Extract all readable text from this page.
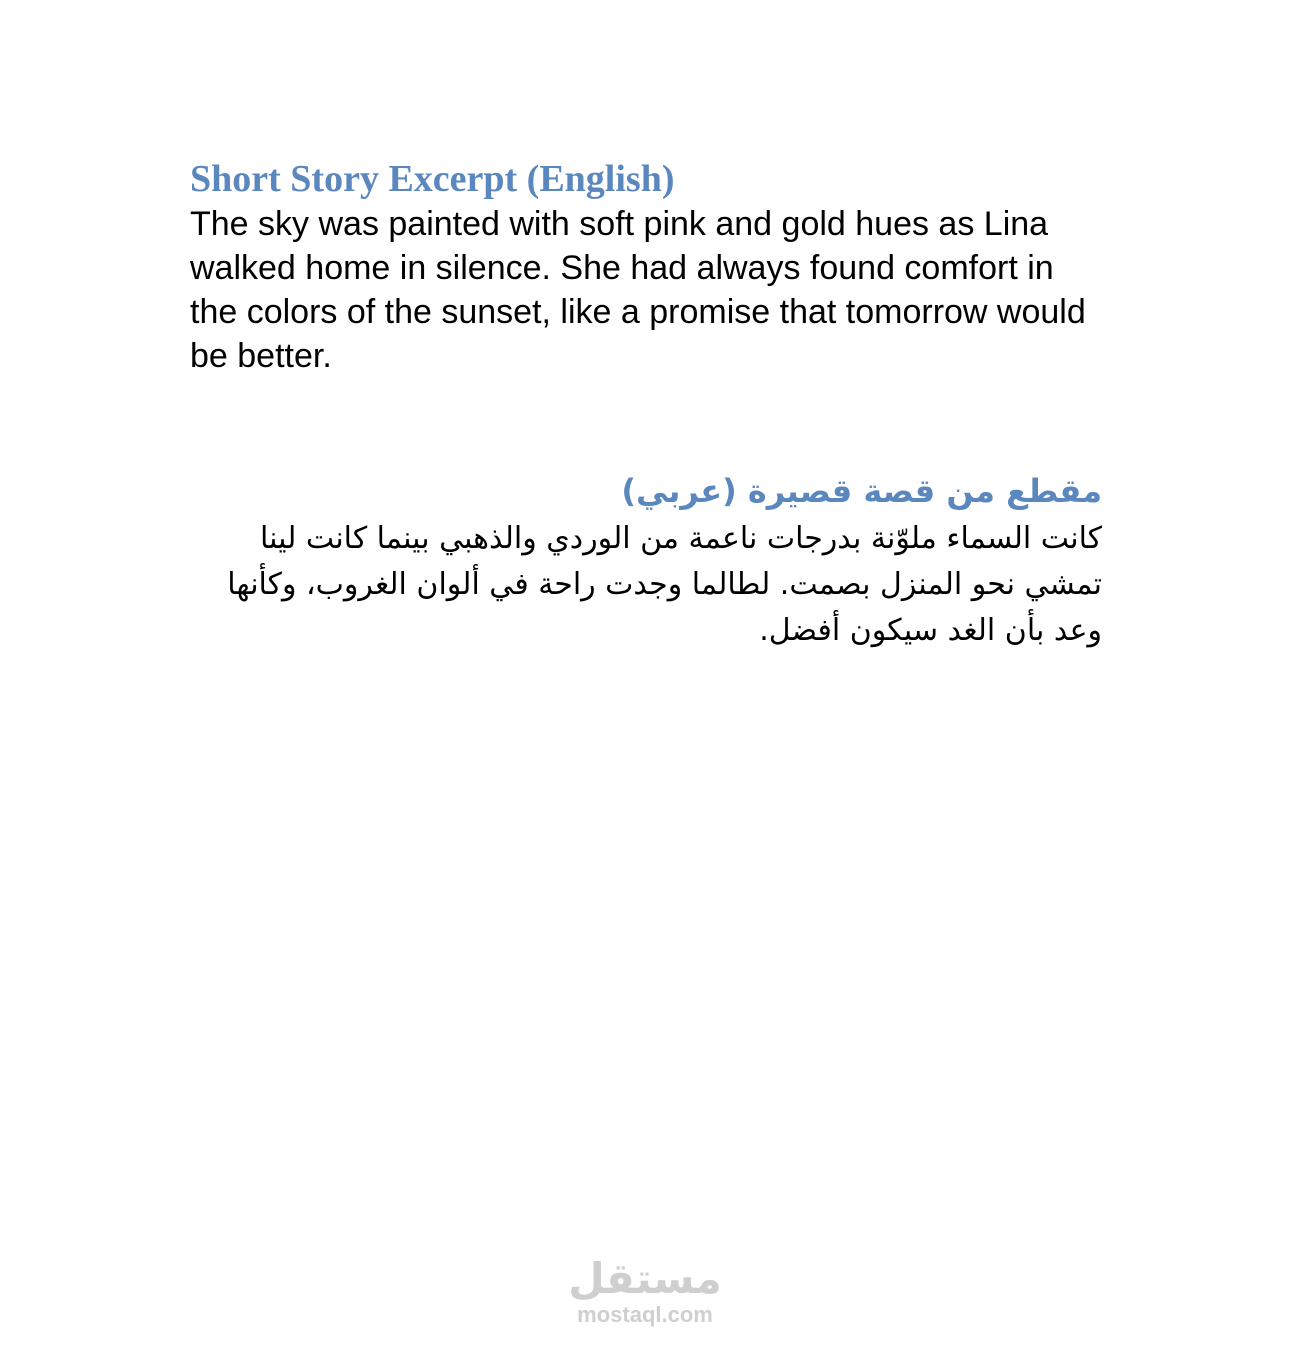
Short Story Excerpt (English)

The sky was painted with soft pink and gold hues as Lina walked home in silence. She had always found comfort in the colors of the sunset, like a promise that tomorrow would be better.

مقطع من قصة قصيرة (عربي)

كانت السماء ملوّنة بدرجات ناعمة من الوردي والذهبي بينما كانت لينا تمشي نحو المنزل بصمت. لطالما وجدت راحة في ألوان الغروب، وكأنها وعد بأن الغد سيكون أفضل.

مستقل
mostaql.com
